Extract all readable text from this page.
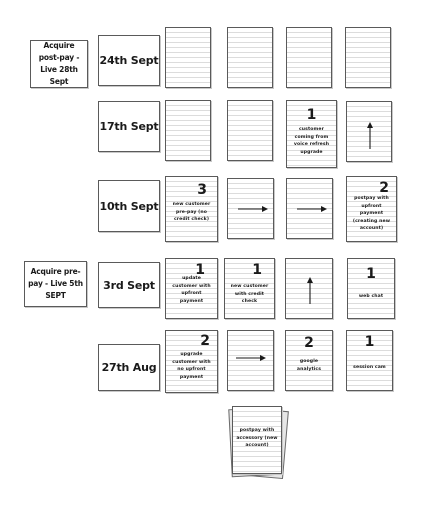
Acquire post-pay - Live 28th Sept
Acquire pre-pay - Live 5th SEPT
24th Sept
17th Sept
10th Sept
3rd Sept
27th Aug
1
customer coming from voice refresh upgrade
3
new customer pre-pay (no credit check)
2
postpay with upfront payment (creating new account)
1
update customer with upfront payment
1
new customer with credit check
1
web chat
2
upgrade customer with no upfront payment
2
google analytics
1
session cam
postpay with accessory (new account)
